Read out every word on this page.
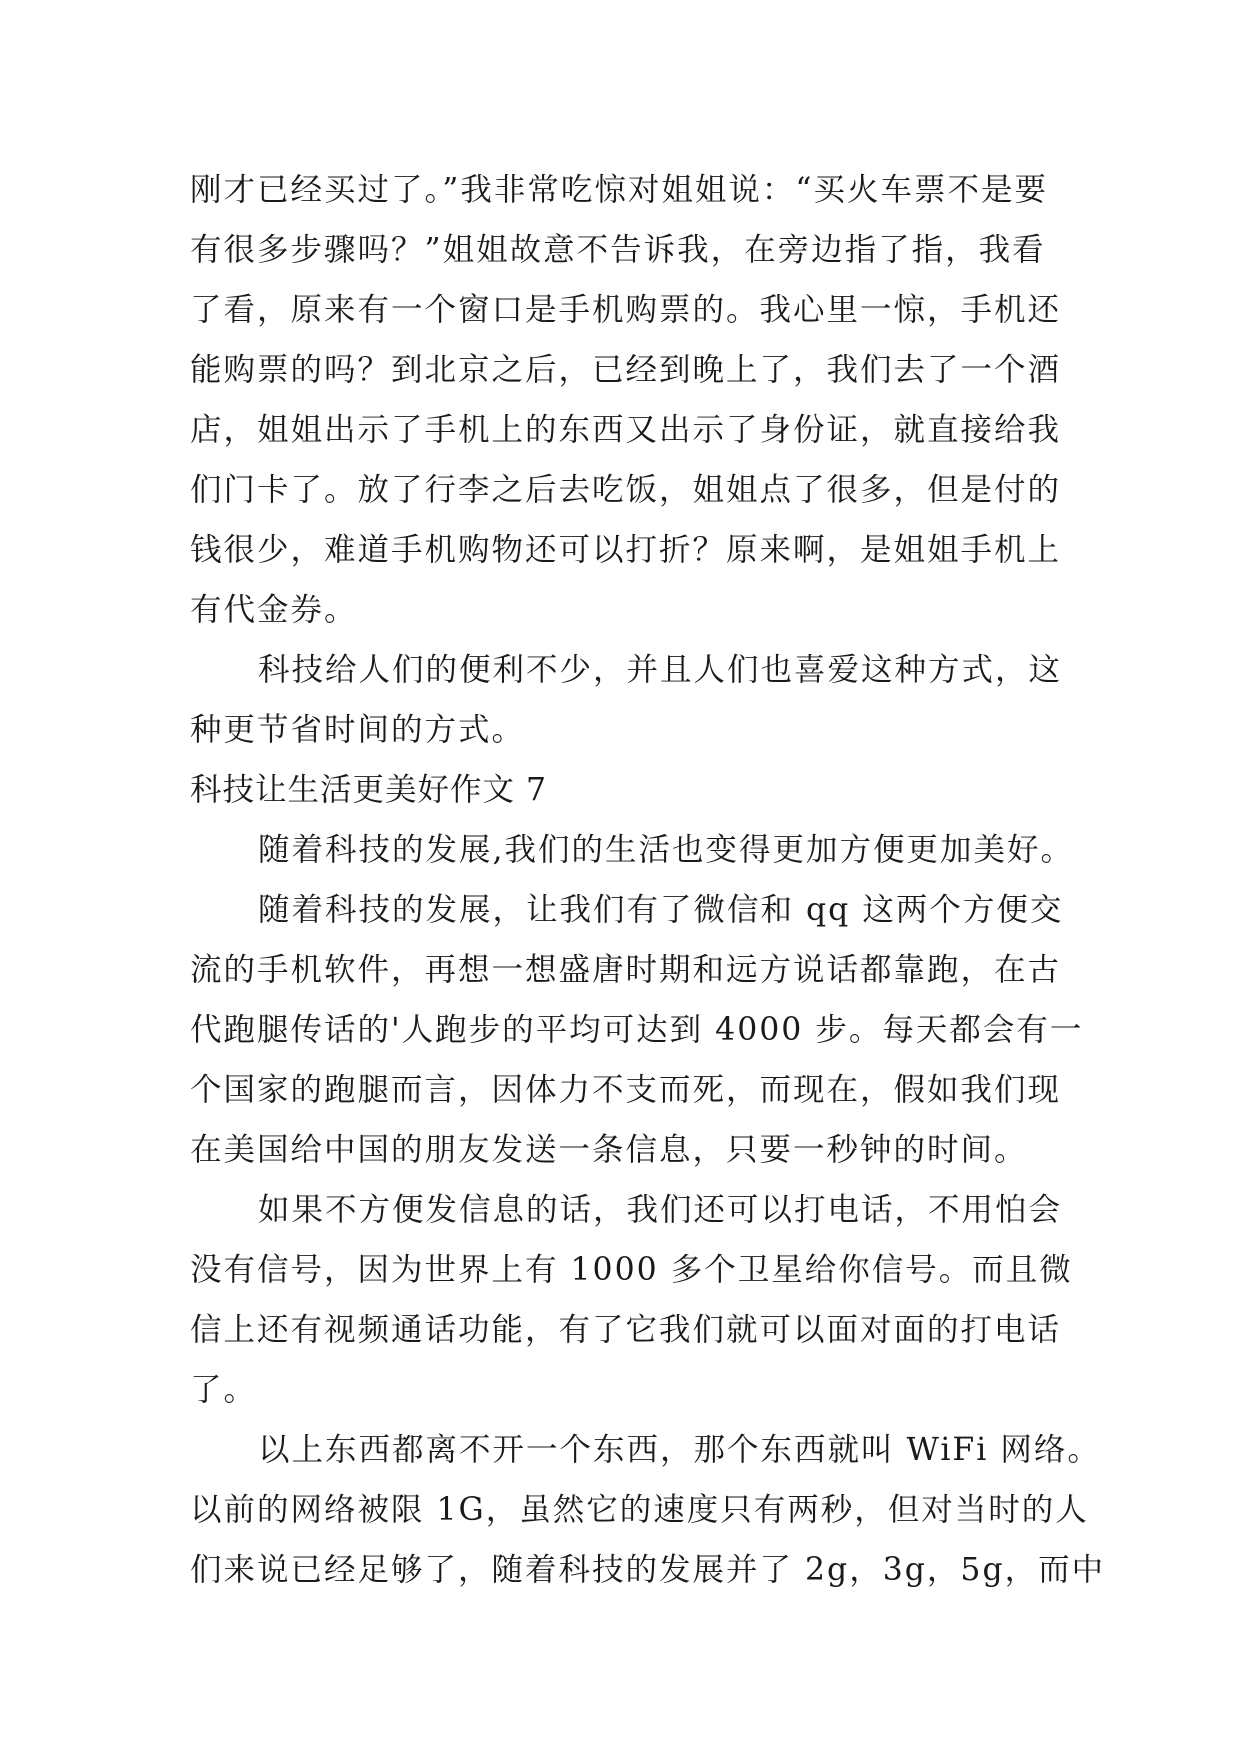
刚才已经买过了。”我非常吃惊对姐姐说：“买火车票不是要
有很多步骤吗？”姐姐故意不告诉我，在旁边指了指，我看
了看，原来有一个窗口是手机购票的。我心里一惊，手机还
能购票的吗？到北京之后，已经到晚上了，我们去了一个酒
店，姐姐出示了手机上的东西又出示了身份证，就直接给我
们门卡了。放了行李之后去吃饭，姐姐点了很多，但是付的
钱很少，难道手机购物还可以打折？原来啊，是姐姐手机上
有代金券。
科技给人们的便利不少，并且人们也喜爱这种方式，这
种更节省时间的方式。
科技让生活更美好作文 7
随着科技的发展,我们的生活也变得更加方便更加美好。
随着科技的发展，让我们有了微信和 qq 这两个方便交
流的手机软件，再想一想盛唐时期和远方说话都靠跑，在古
代跑腿传话的'人跑步的平均可达到 4000 步。每天都会有一
个国家的跑腿而言，因体力不支而死，而现在，假如我们现
在美国给中国的朋友发送一条信息，只要一秒钟的时间。
如果不方便发信息的话，我们还可以打电话，不用怕会
没有信号，因为世界上有 1000 多个卫星给你信号。而且微
信上还有视频通话功能，有了它我们就可以面对面的打电话
了。
以上东西都离不开一个东西，那个东西就叫 WiFi 网络。
以前的网络被限 1G，虽然它的速度只有两秒，但对当时的人
们来说已经足够了，随着科技的发展并了 2g，3g，5g，而中
